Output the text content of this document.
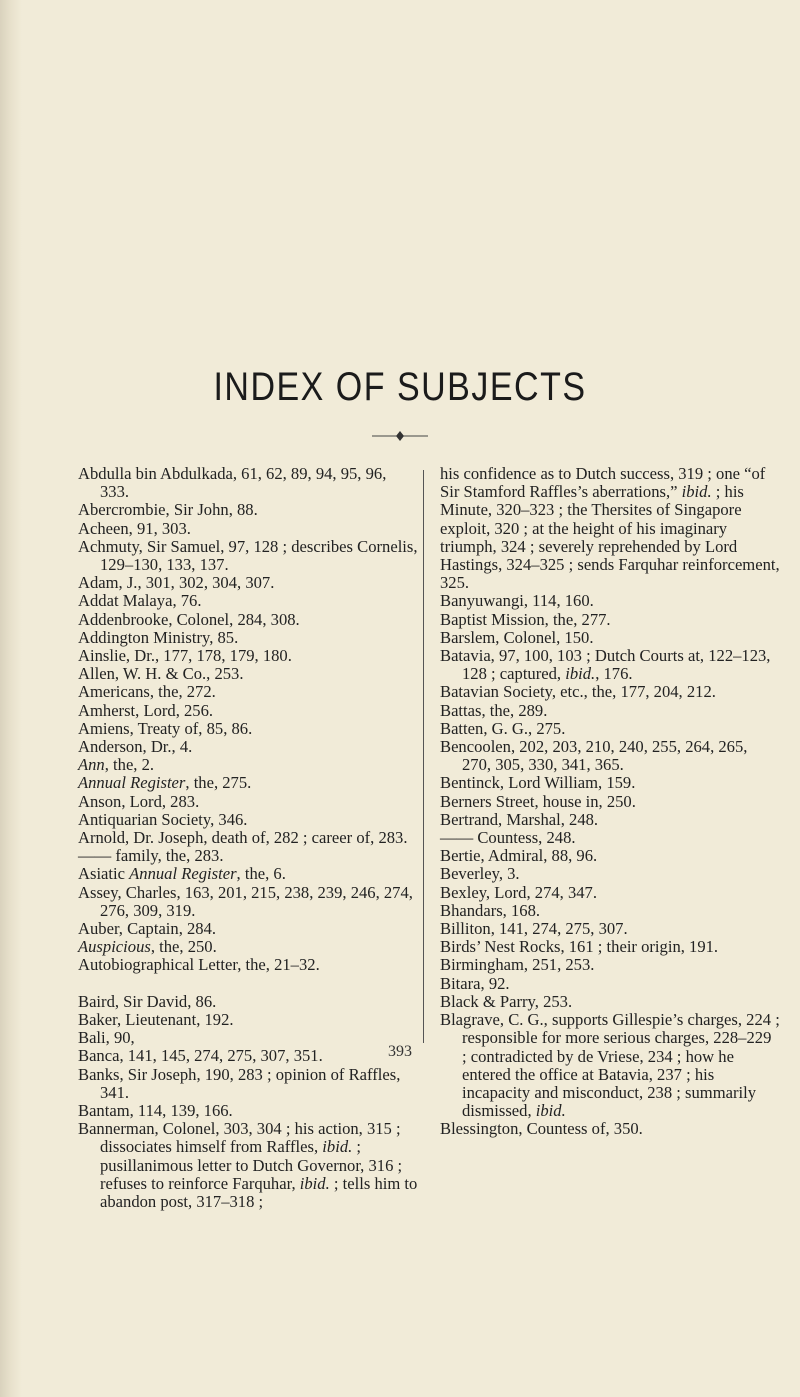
INDEX OF SUBJECTS

Abdulla bin Abdulkada, 61, 62, 89, 94, 95, 96, 333.

Abercrombie, Sir John, 88.

Acheen, 91, 303.

Achmuty, Sir Samuel, 97, 128 ; describes Cornelis, 129–130, 133, 137.

Adam, J., 301, 302, 304, 307.

Addat Malaya, 76.

Addenbrooke, Colonel, 284, 308.

Addington Ministry, 85.

Ainslie, Dr., 177, 178, 179, 180.

Allen, W. H. & Co., 253.

Americans, the, 272.

Amherst, Lord, 256.

Amiens, Treaty of, 85, 86.

Anderson, Dr., 4.

Ann, the, 2.

Annual Register, the, 275.

Anson, Lord, 283.

Antiquarian Society, 346.

Arnold, Dr. Joseph, death of, 282 ; career of, 283.

—— family, the, 283.

Asiatic Annual Register, the, 6.

Assey, Charles, 163, 201, 215, 238, 239, 246, 274, 276, 309, 319.

Auber, Captain, 284.

Auspicious, the, 250.

Autobiographical Letter, the, 21–32.

Baird, Sir David, 86.

Baker, Lieutenant, 192.

Bali, 90,

Banca, 141, 145, 274, 275, 307, 351.

Banks, Sir Joseph, 190, 283 ; opinion of Raffles, 341.

Bantam, 114, 139, 166.

Bannerman, Colonel, 303, 304 ; his action, 315 ; dissociates himself from Raffles, ibid. ; pusillanimous letter to Dutch Governor, 316 ; refuses to reinforce Farquhar, ibid. ; tells him to abandon post, 317–318 ;

his confidence as to Dutch success, 319 ; one “of Sir Stamford Raffles’s aberrations,” ibid. ; his Minute, 320–323 ; the Thersites of Singapore exploit, 320 ; at the height of his imaginary triumph, 324 ; severely reprehended by Lord Hastings, 324–325 ; sends Farquhar reinforcement, 325.

Banyuwangi, 114, 160.

Baptist Mission, the, 277.

Barslem, Colonel, 150.

Batavia, 97, 100, 103 ; Dutch Courts at, 122–123, 128 ; captured, ibid., 176.

Batavian Society, etc., the, 177, 204, 212.

Battas, the, 289.

Batten, G. G., 275.

Bencoolen, 202, 203, 210, 240, 255, 264, 265, 270, 305, 330, 341, 365.

Bentinck, Lord William, 159.

Berners Street, house in, 250.

Bertrand, Marshal, 248.

—— Countess, 248.

Bertie, Admiral, 88, 96.

Beverley, 3.

Bexley, Lord, 274, 347.

Bhandars, 168.

Billiton, 141, 274, 275, 307.

Birds’ Nest Rocks, 161 ; their origin, 191.

Birmingham, 251, 253.

Bitara, 92.

Black & Parry, 253.

Blagrave, C. G., supports Gillespie’s charges, 224 ; responsible for more serious charges, 228–229 ; contradicted by de Vriese, 234 ; how he entered the office at Batavia, 237 ; his incapacity and misconduct, 238 ; summarily dismissed, ibid.

Blessington, Countess of, 350.

393
